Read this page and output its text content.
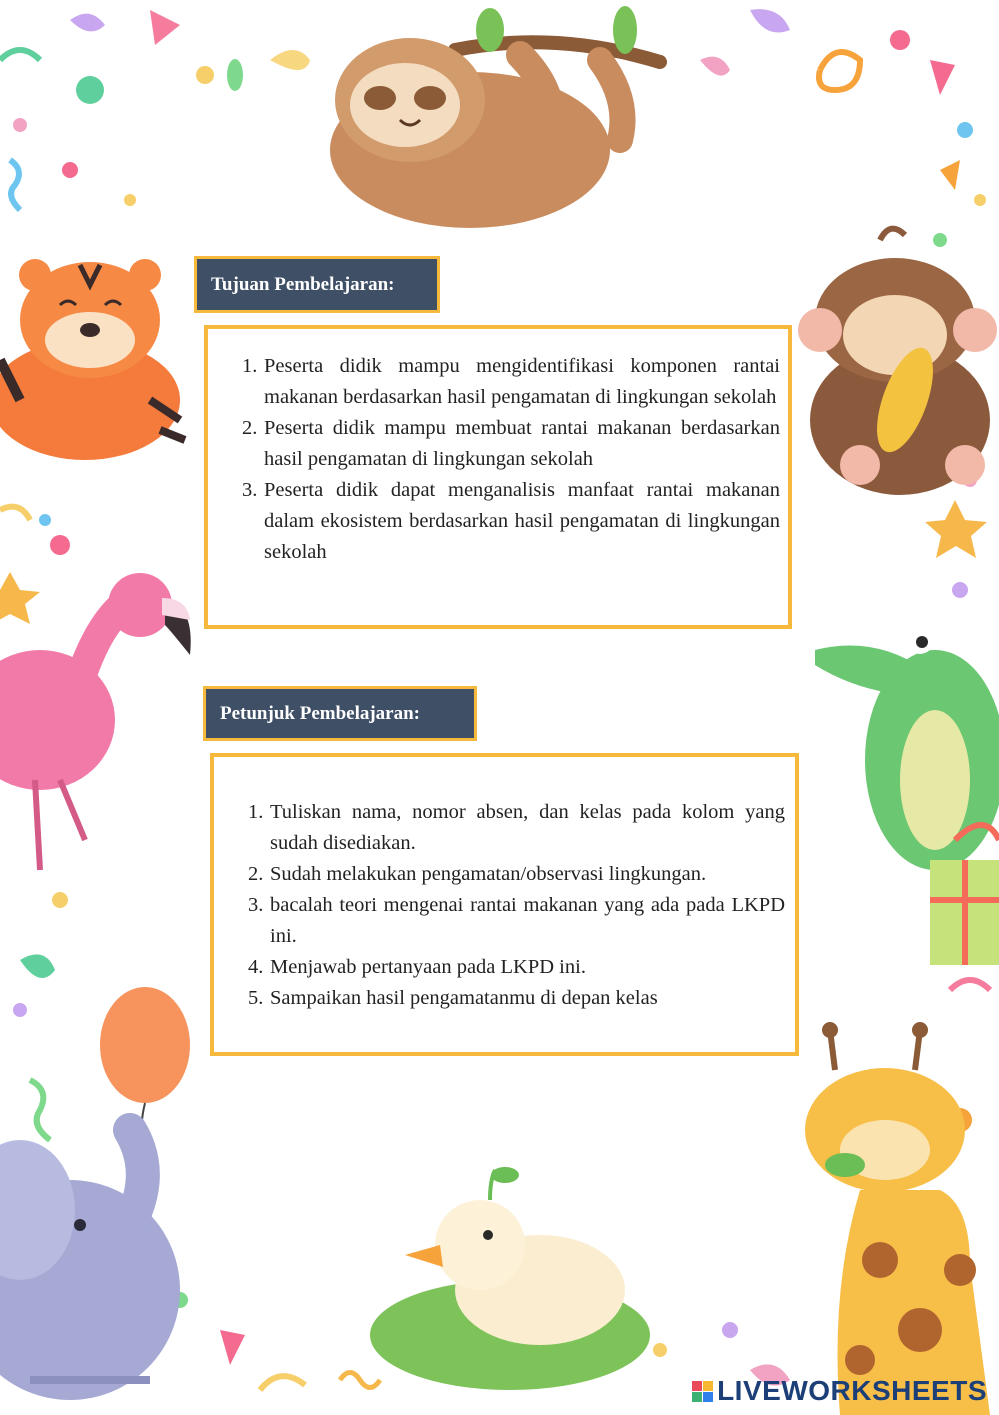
Tujuan Pembelajaran:
Peserta didik mampu mengidentifikasi komponen rantai makanan berdasarkan hasil pengamatan di lingkungan sekolah
Peserta didik mampu membuat rantai makanan berdasarkan hasil pengamatan di lingkungan sekolah
Peserta didik dapat menganalisis manfaat rantai makanan dalam ekosistem berdasarkan hasil pengamatan di lingkungan sekolah
Petunjuk Pembelajaran:
Tuliskan nama, nomor absen, dan kelas pada kolom yang sudah disediakan.
Sudah melakukan pengamatan/observasi lingkungan.
bacalah teori mengenai rantai makanan yang ada pada LKPD ini.
Menjawab pertanyaan pada LKPD ini.
Sampaikan hasil pengamatanmu di depan kelas
LIVEWORKSHEETS
